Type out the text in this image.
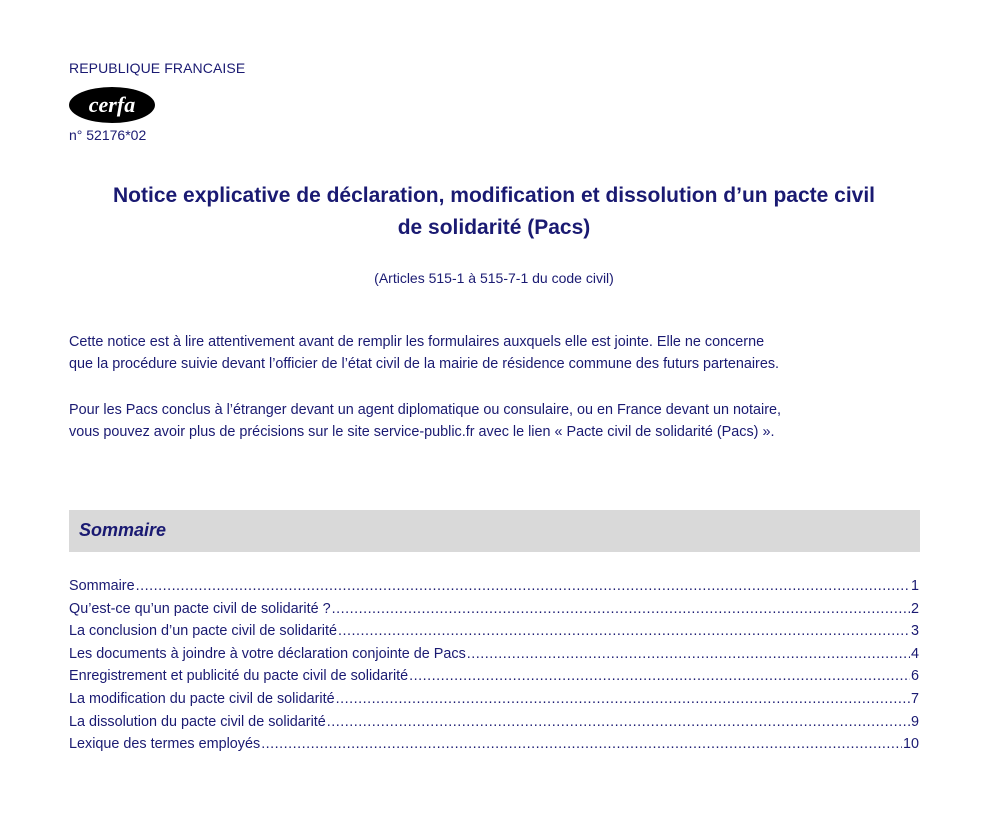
REPUBLIQUE FRANCAISE
cerfa
n° 52176*02
Notice explicative de déclaration, modification et dissolution d’un pacte civil
de solidarité (Pacs)
(Articles 515-1 à 515-7-1 du code civil)

Cette notice est à lire attentivement avant de remplir les formulaires auxquels elle est jointe. Elle ne concerne
que la procédure suivie devant l’officier de l’état civil de la mairie de résidence commune des futurs partenaires.

Pour les Pacs conclus à l’étranger devant un agent diplomatique ou consulaire, ou en France devant un notaire,
vous pouvez avoir plus de précisions sur le site service-public.fr avec le lien « Pacte civil de solidarité (Pacs) ».

Sommaire
Sommaire .....	1
Qu’est-ce qu’un pacte civil de solidarité ? .....	2
La conclusion d’un pacte civil de solidarité .....	3
Les documents à joindre à votre déclaration conjointe de Pacs .....	4
Enregistrement et publicité du pacte civil de solidarité .....	6
La modification du pacte civil de solidarité .....	7
La dissolution du pacte civil de solidarité .....	9
Lexique des termes employés .....	10
